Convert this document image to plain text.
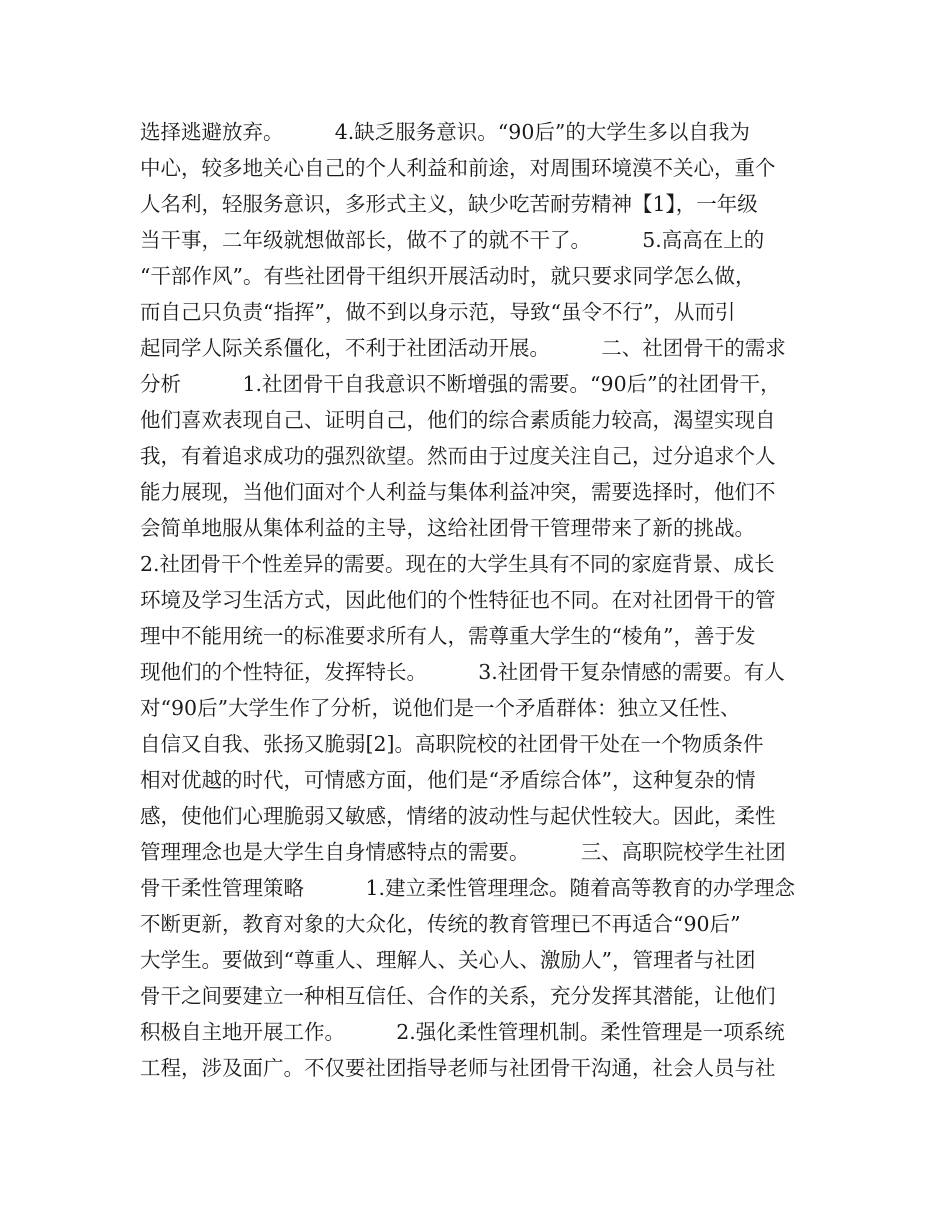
选择逃避放弃。　　　4.缺乏服务意识。“90后”的大学生多以自我为
中心，较多地关心自己的个人利益和前途，对周围环境漠不关心，重个
人名利，轻服务意识，多形式主义，缺少吃苦耐劳精神【1】，一年级
当干事，二年级就想做部长，做不了的就不干了。　　　5.高高在上的
“干部作风”。有些社团骨干组织开展活动时，就只要求同学怎么做，
而自己只负责“指挥”，做不到以身示范，导致“虽令不行”，从而引
起同学人际关系僵化，不利于社团活动开展。　　　二、社团骨干的需求
分析　　　1.社团骨干自我意识不断增强的需要。“90后”的社团骨干，
他们喜欢表现自己、证明自己，他们的综合素质能力较高，渴望实现自
我，有着追求成功的强烈欲望。然而由于过度关注自己，过分追求个人
能力展现，当他们面对个人利益与集体利益冲突，需要选择时，他们不
会简单地服从集体利益的主导，这给社团骨干管理带来了新的挑战。
2.社团骨干个性差异的需要。现在的大学生具有不同的家庭背景、成长
环境及学习生活方式，因此他们的个性特征也不同。在对社团骨干的管
理中不能用统一的标准要求所有人，需尊重大学生的“棱角”，善于发
现他们的个性特征，发挥特长。　　　3.社团骨干复杂情感的需要。有人
对“90后”大学生作了分析，说他们是一个矛盾群体：独立又任性、
自信又自我、张扬又脆弱[2]。高职院校的社团骨干处在一个物质条件
相对优越的时代，可情感方面，他们是“矛盾综合体”，这种复杂的情
感，使他们心理脆弱又敏感，情绪的波动性与起伏性较大。因此，柔性
管理理念也是大学生自身情感特点的需要。　　　三、高职院校学生社团
骨干柔性管理策略　　　1.建立柔性管理理念。随着高等教育的办学理念
不断更新，教育对象的大众化，传统的教育管理已不再适合“90后”
大学生。要做到“尊重人、理解人、关心人、激励人”，管理者与社团
骨干之间要建立一种相互信任、合作的关系，充分发挥其潜能，让他们
积极自主地开展工作。　　　2.强化柔性管理机制。柔性管理是一项系统
工程，涉及面广。不仅要社团指导老师与社团骨干沟通，社会人员与社
